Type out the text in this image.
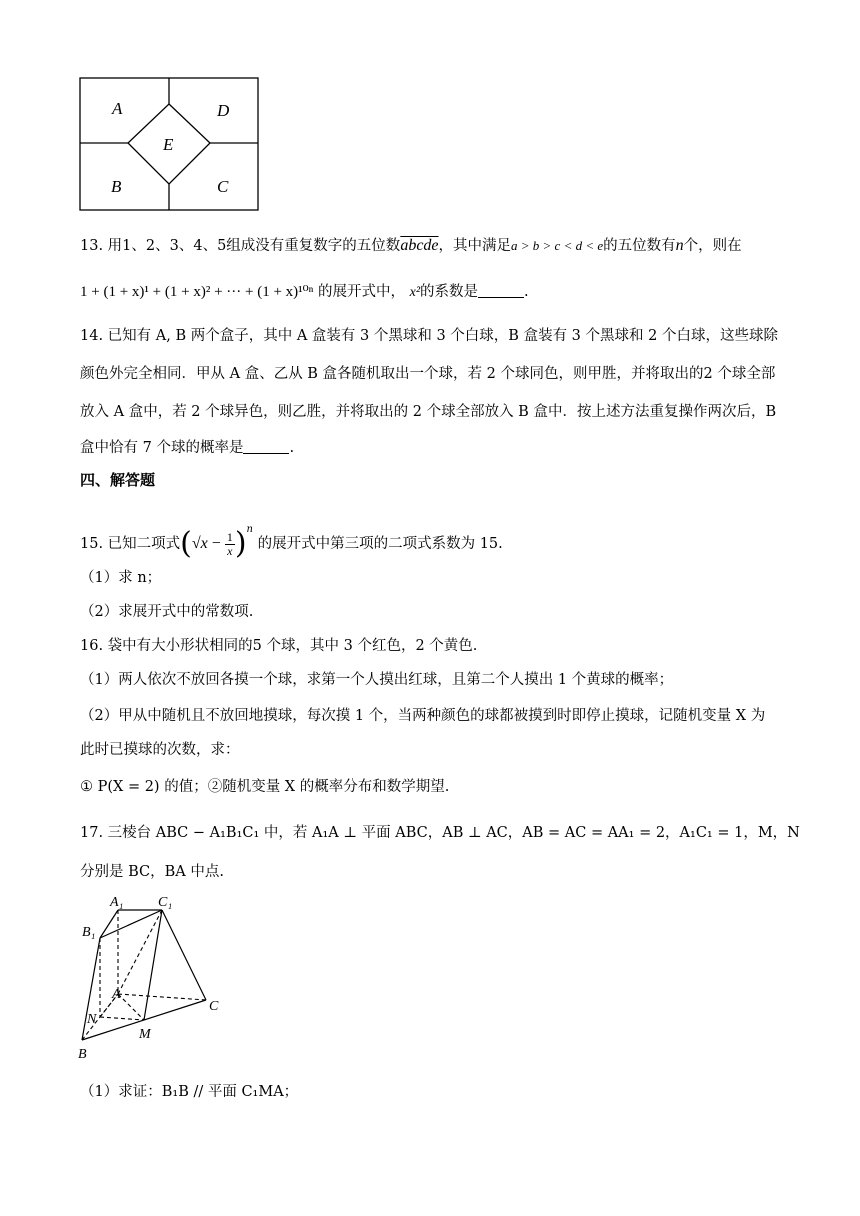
A	D
E
B	C
13. 用1、2、3、4、5组成没有重复数字的五位数abcde，其中满足a > b > c < d < e的五位数有n个，则在
1 + (1 + x)¹ + (1 + x)² + ··· + (1 + x)¹⁰ⁿ 的展开式中， x²的系数是	.
14. 已知有 A, B 两个盒子，其中 A 盒装有 3 个黑球和 3 个白球，B 盒装有 3 个黑球和 2 个白球，这些球除
颜色外完全相同．甲从 A 盒、乙从 B 盒各随机取出一个球，若 2 个球同色，则甲胜，并将取出的2 个球全部
放入 A 盒中，若 2 个球异色，则乙胜，并将取出的 2 个球全部放入 B 盒中．按上述方法重复操作两次后，B
盒中恰有 7 个球的概率是	.
四、解答题
15. 已知二项式$(√x - \frac{1}{x} )^n$ 的展开式中第三项的二项式系数为 15.
（1）求 n；
（2）求展开式中的常数项.
16. 袋中有大小形状相同的5 个球，其中 3 个红色，2 个黄色.
（1）两人依次不放回各摸一个球，求第一个人摸出红球，且第二个人摸出 1 个黄球的概率；
（2）甲从中随机且不放回地摸球，每次摸 1 个，当两种颜色的球都被摸到时即停止摸球，记随机变量 X 为
此时已摸球的次数，求：
① P(X = 2) 的值；②随机变量 X 的概率分布和数学期望.
17. 三棱台 ABC − A₁B₁C₁ 中，若 A₁A ⊥ 平面 ABC，AB ⊥ AC，AB = AC = AA₁ = 2，A₁C₁ = 1，M，N
分别是 BC，BA 中点.
A₁ C₁
B₁
A
C
N
M
B
（1）求证：B₁B // 平面 C₁MA；
